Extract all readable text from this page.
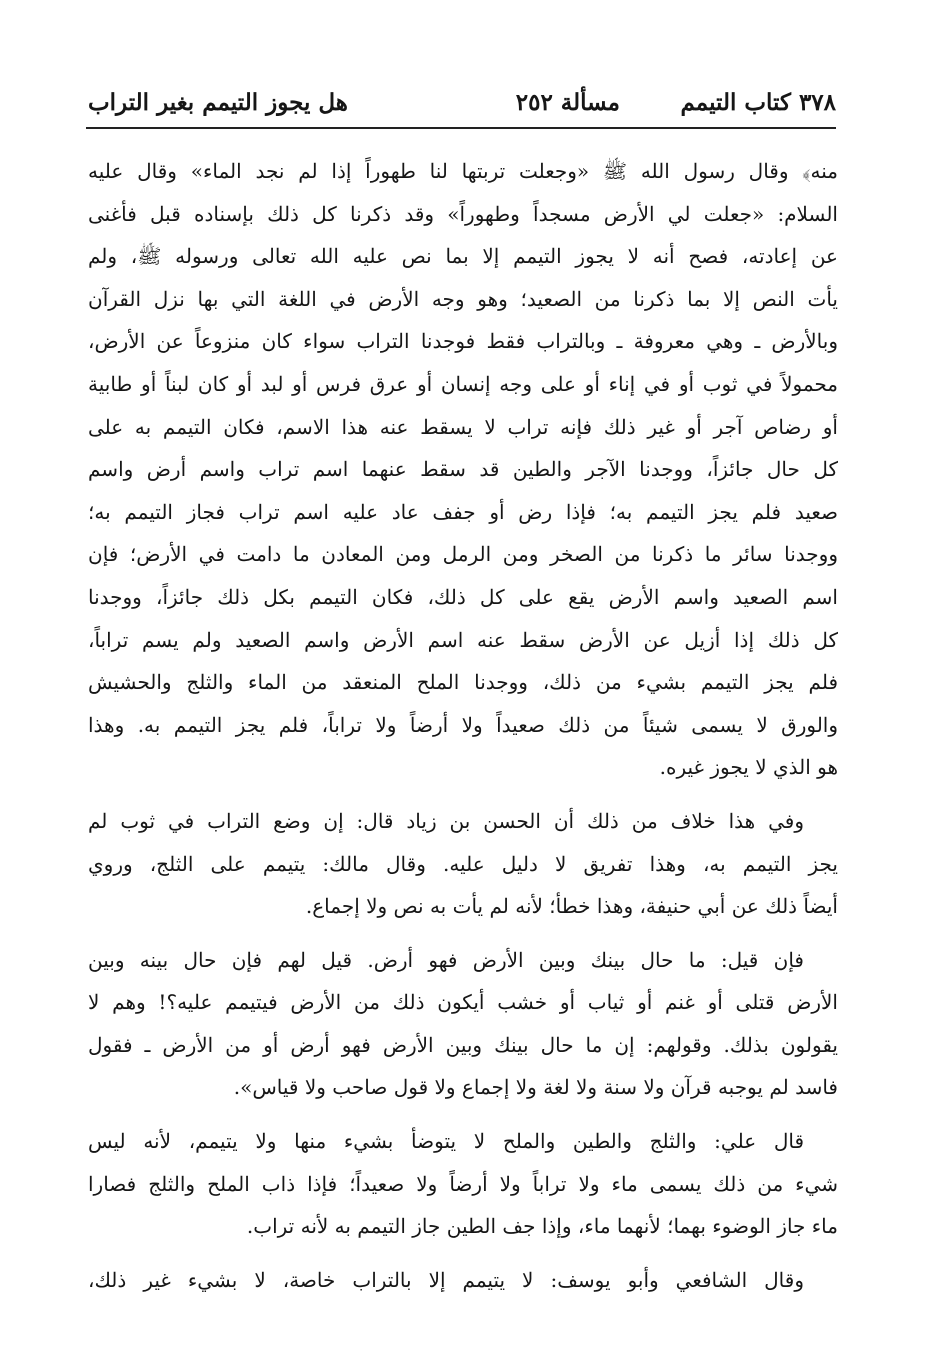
٣٧٨ كتاب التيمم
مسألة ٢٥٢
هل يجوز التيمم بغير التراب
منه﴾ وقال رسول الله ﷺ «وجعلت تربتها لنا طهوراً إذا لم نجد الماء» وقال عليه
السلام: «جعلت لي الأرض مسجداً وطهوراً» وقد ذكرنا كل ذلك بإسناده قبل فأغنى
عن إعادته، فصح أنه لا يجوز التيمم إلا بما نص عليه الله تعالى ورسوله ﷺ، ولم
يأت النص إلا بما ذكرنا من الصعيد؛ وهو وجه الأرض في اللغة التي بها نزل القرآن
وبالأرض ـ وهي معروفة ـ وبالتراب فقط فوجدنا التراب سواء كان منزوعاً عن الأرض،
محمولاً في ثوب أو في إناء أو على وجه إنسان أو عرق فرس أو لبد أو كان لبناً أو طابية
أو رضاص آجر أو غير ذلك فإنه تراب لا يسقط عنه هذا الاسم، فكان التيمم به على
كل حال جائزاً، ووجدنا الآجر والطين قد سقط عنهما اسم تراب واسم أرض واسم
صعيد فلم يجز التيمم به؛ فإذا رض أو جفف عاد عليه اسم تراب فجاز التيمم به؛
ووجدنا سائر ما ذكرنا من الصخر ومن الرمل ومن المعادن ما دامت في الأرض؛ فإن
اسم الصعيد واسم الأرض يقع على كل ذلك، فكان التيمم بكل ذلك جائزاً، ووجدنا
كل ذلك إذا أزيل عن الأرض سقط عنه اسم الأرض واسم الصعيد ولم يسم تراباً،
فلم يجز التيمم بشيء من ذلك، ووجدنا الملح المنعقد من الماء والثلج والحشيش
والورق لا يسمى شيئاً من ذلك صعيداً ولا أرضاً ولا تراباً، فلم يجز التيمم به. وهذا
هو الذي لا يجوز غيره.
وفي هذا خلاف من ذلك أن الحسن بن زياد قال: إن وضع التراب في ثوب لم
يجز التيمم به، وهذا تفريق لا دليل عليه. وقال مالك: يتيمم على الثلج، وروي
أيضاً ذلك عن أبي حنيفة، وهذا خطأ؛ لأنه لم يأت به نص ولا إجماع.
فإن قيل: ما حال بينك وبين الأرض فهو أرض. قيل لهم فإن حال بينه وبين
الأرض قتلى أو غنم أو ثياب أو خشب أيكون ذلك من الأرض فيتيمم عليه؟! وهم لا
يقولون بذلك. وقولهم: إن ما حال بينك وبين الأرض فهو أرض أو من الأرض ـ فقول
فاسد لم يوجبه قرآن ولا سنة ولا لغة ولا إجماع ولا قول صاحب ولا قياس».
قال علي: والثلج والطين والملح لا يتوضأ بشيء منها ولا يتيمم، لأنه ليس
شيء من ذلك يسمى ماء ولا تراباً ولا أرضاً ولا صعيداً؛ فإذا ذاب الملح والثلج فصارا
ماء جاز الوضوء بهما؛ لأنهما ماء، وإذا جف الطين جاز التيمم به لأنه تراب.
وقال الشافعي وأبو يوسف: لا يتيمم إلا بالتراب خاصة، لا بشيء غير ذلك،
